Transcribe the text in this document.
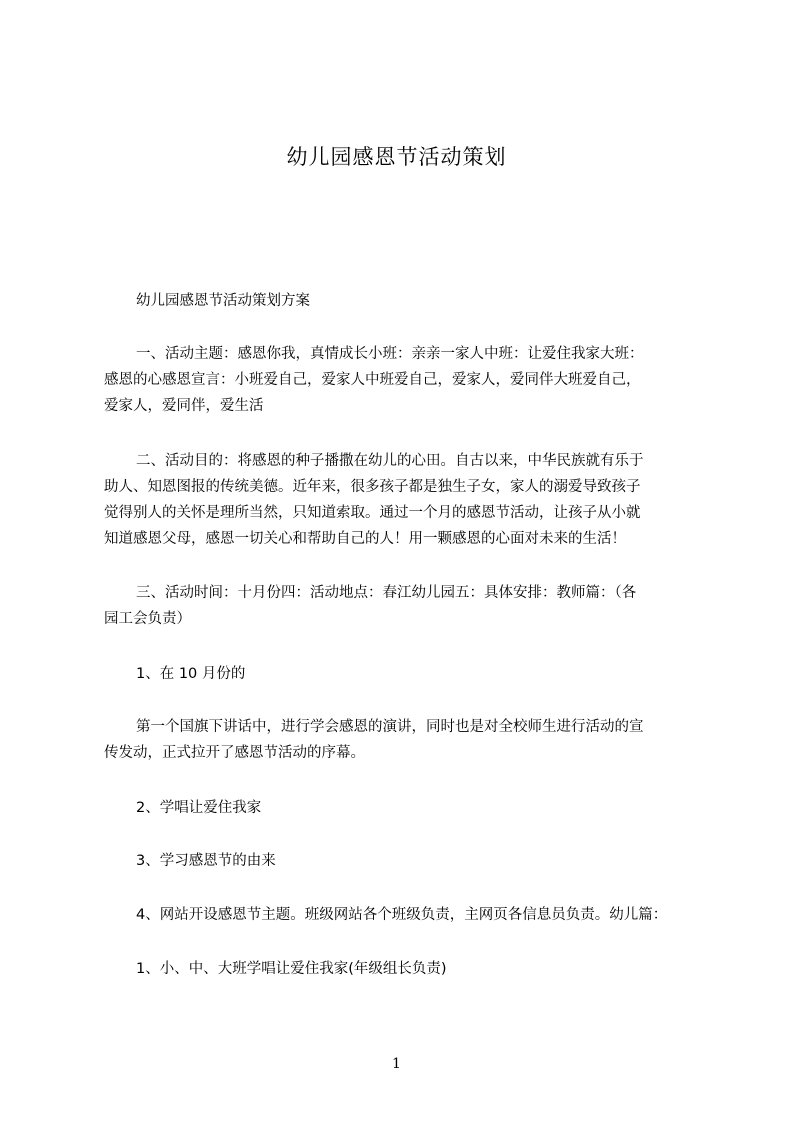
幼儿园感恩节活动策划
幼儿园感恩节活动策划方案
一、活动主题：感恩你我，真情成长小班：亲亲一家人中班：让爱住我家大班：
感恩的心感恩宣言：小班爱自己，爱家人中班爱自己，爱家人，爱同伴大班爱自己，
爱家人，爱同伴，爱生活
二、活动目的：将感恩的种子播撒在幼儿的心田。自古以来，中华民族就有乐于
助人、知恩图报的传统美德。近年来，很多孩子都是独生子女，家人的溺爱导致孩子
觉得别人的关怀是理所当然，只知道索取。通过一个月的感恩节活动，让孩子从小就
知道感恩父母，感恩一切关心和帮助自己的人！用一颗感恩的心面对未来的生活！
三、活动时间：十月份四：活动地点：春江幼儿园五：具体安排：教师篇：（各
园工会负责）
1、在 10 月份的
第一个国旗下讲话中，进行学会感恩的演讲，同时也是对全校师生进行活动的宣
传发动，正式拉开了感恩节活动的序幕。
2、学唱让爱住我家
3、学习感恩节的由来
4、网站开设感恩节主题。班级网站各个班级负责，主网页各信息员负责。幼儿篇：
1、小、中、大班学唱让爱住我家(年级组长负责)
1
